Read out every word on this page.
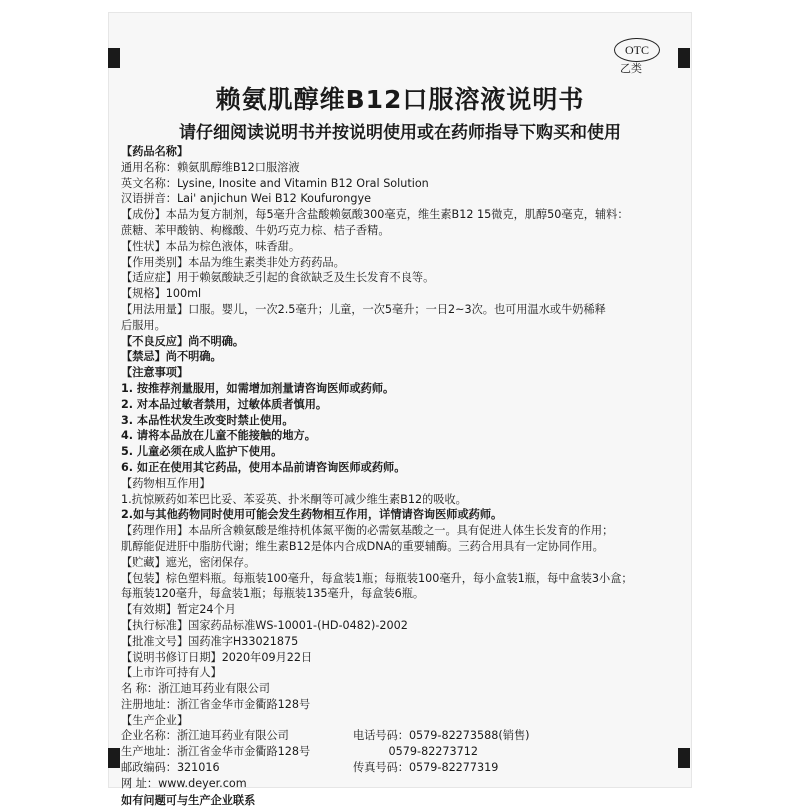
OTC
乙类
赖氨肌醇维B12口服溶液说明书
请仔细阅读说明书并按说明使用或在药师指导下购买和使用
【药品名称】
通用名称：赖氨肌醇维B12口服溶液
英文名称：Lysine, Inosite and Vitamin B12 Oral Solution
汉语拼音：Lai' anjichun Wei B12 Koufurongye
【成份】本品为复方制剂，每5毫升含盐酸赖氨酸300毫克，维生素B12 15微克，肌醇50毫克，辅料：
蔗糖、苯甲酸钠、枸橼酸、牛奶巧克力棕、桔子香精。
【性状】本品为棕色液体，味香甜。
【作用类别】本品为维生素类非处方药药品。
【适应症】用于赖氨酸缺乏引起的食欲缺乏及生长发育不良等。
【规格】100ml
【用法用量】口服。婴儿，一次2.5毫升；儿童，一次5毫升；一日2~3次。也可用温水或牛奶稀释
后服用。
【不良反应】尚不明确。
【禁忌】尚不明确。
【注意事项】
1. 按推荐剂量服用，如需增加剂量请咨询医师或药师。
2. 对本品过敏者禁用，过敏体质者慎用。
3. 本品性状发生改变时禁止使用。
4. 请将本品放在儿童不能接触的地方。
5. 儿童必须在成人监护下使用。
6. 如正在使用其它药品，使用本品前请咨询医师或药师。
【药物相互作用】
1.抗惊厥药如苯巴比妥、苯妥英、扑米酮等可减少维生素B12的吸收。
2.如与其他药物同时使用可能会发生药物相互作用，详情请咨询医师或药师。
【药理作用】本品所含赖氨酸是维持机体氮平衡的必需氨基酸之一。具有促进人体生长发育的作用；
肌醇能促进肝中脂肪代谢；维生素B12是体内合成DNA的重要辅酶。三药合用具有一定协同作用。
【贮藏】遮光，密闭保存。
【包装】棕色塑料瓶。每瓶装100毫升，每盒装1瓶；每瓶装100毫升，每小盒装1瓶，每中盒装3小盒；
每瓶装120毫升，每盒装1瓶；每瓶装135毫升，每盒装6瓶。
【有效期】暂定24个月
【执行标准】国家药品标准WS-10001-(HD-0482)-2002
【批准文号】国药准字H33021875
【说明书修订日期】2020年09月22日
【上市许可持有人】
名 称：浙江迪耳药业有限公司
注册地址：浙江省金华市金衢路128号
【生产企业】
企业名称：浙江迪耳药业有限公司	电话号码：0579-82273588(销售)
生产地址：浙江省金华市金衢路128号	0579-82273712
邮政编码：321016	传真号码：0579-82277319
网 址：www.deyer.com
如有问题可与生产企业联系
